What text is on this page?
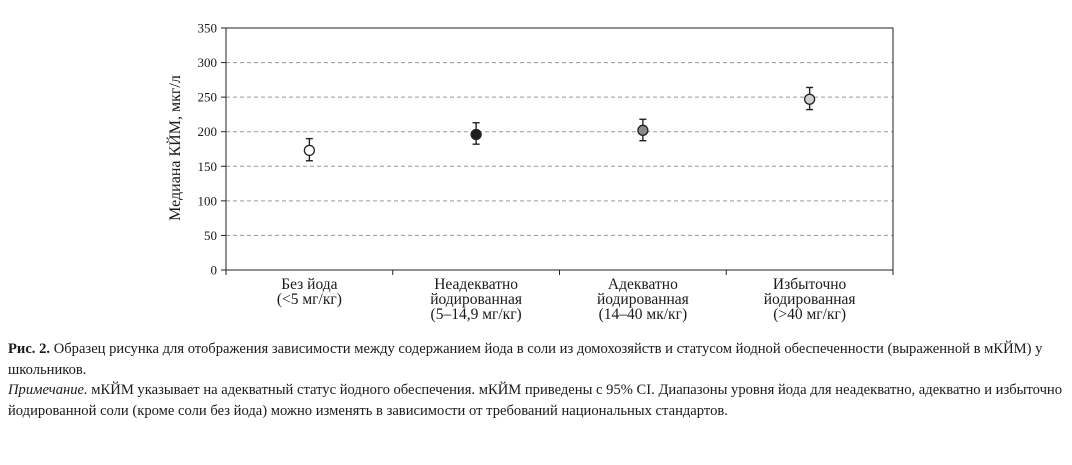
0
50
100
150
200
250
300
350
Без йода (<5 мг/кг)
Неадекватно йодированная (5–14,9 мг/кг)
Адекватно йодированная (14–40 мк/кг)
Избыточно йодированная (>40 мг/кг)
Медиана КЙМ, мкг/л

Рис. 2. Образец рисунка для отображения зависимости между содержанием йода в соли из домохозяйств и статусом йодной обеспеченности (выраженной в мКЙМ) у школьников.

Примечание. мКЙМ указывает на адекватный статус йодного обеспечения. мКЙМ приведены с 95% CI. Диапазоны уровня йода для неадекватно, адекватно и избыточно йодированной соли (кроме соли без йода) можно изменять в зависимости от требований национальных стандартов.
